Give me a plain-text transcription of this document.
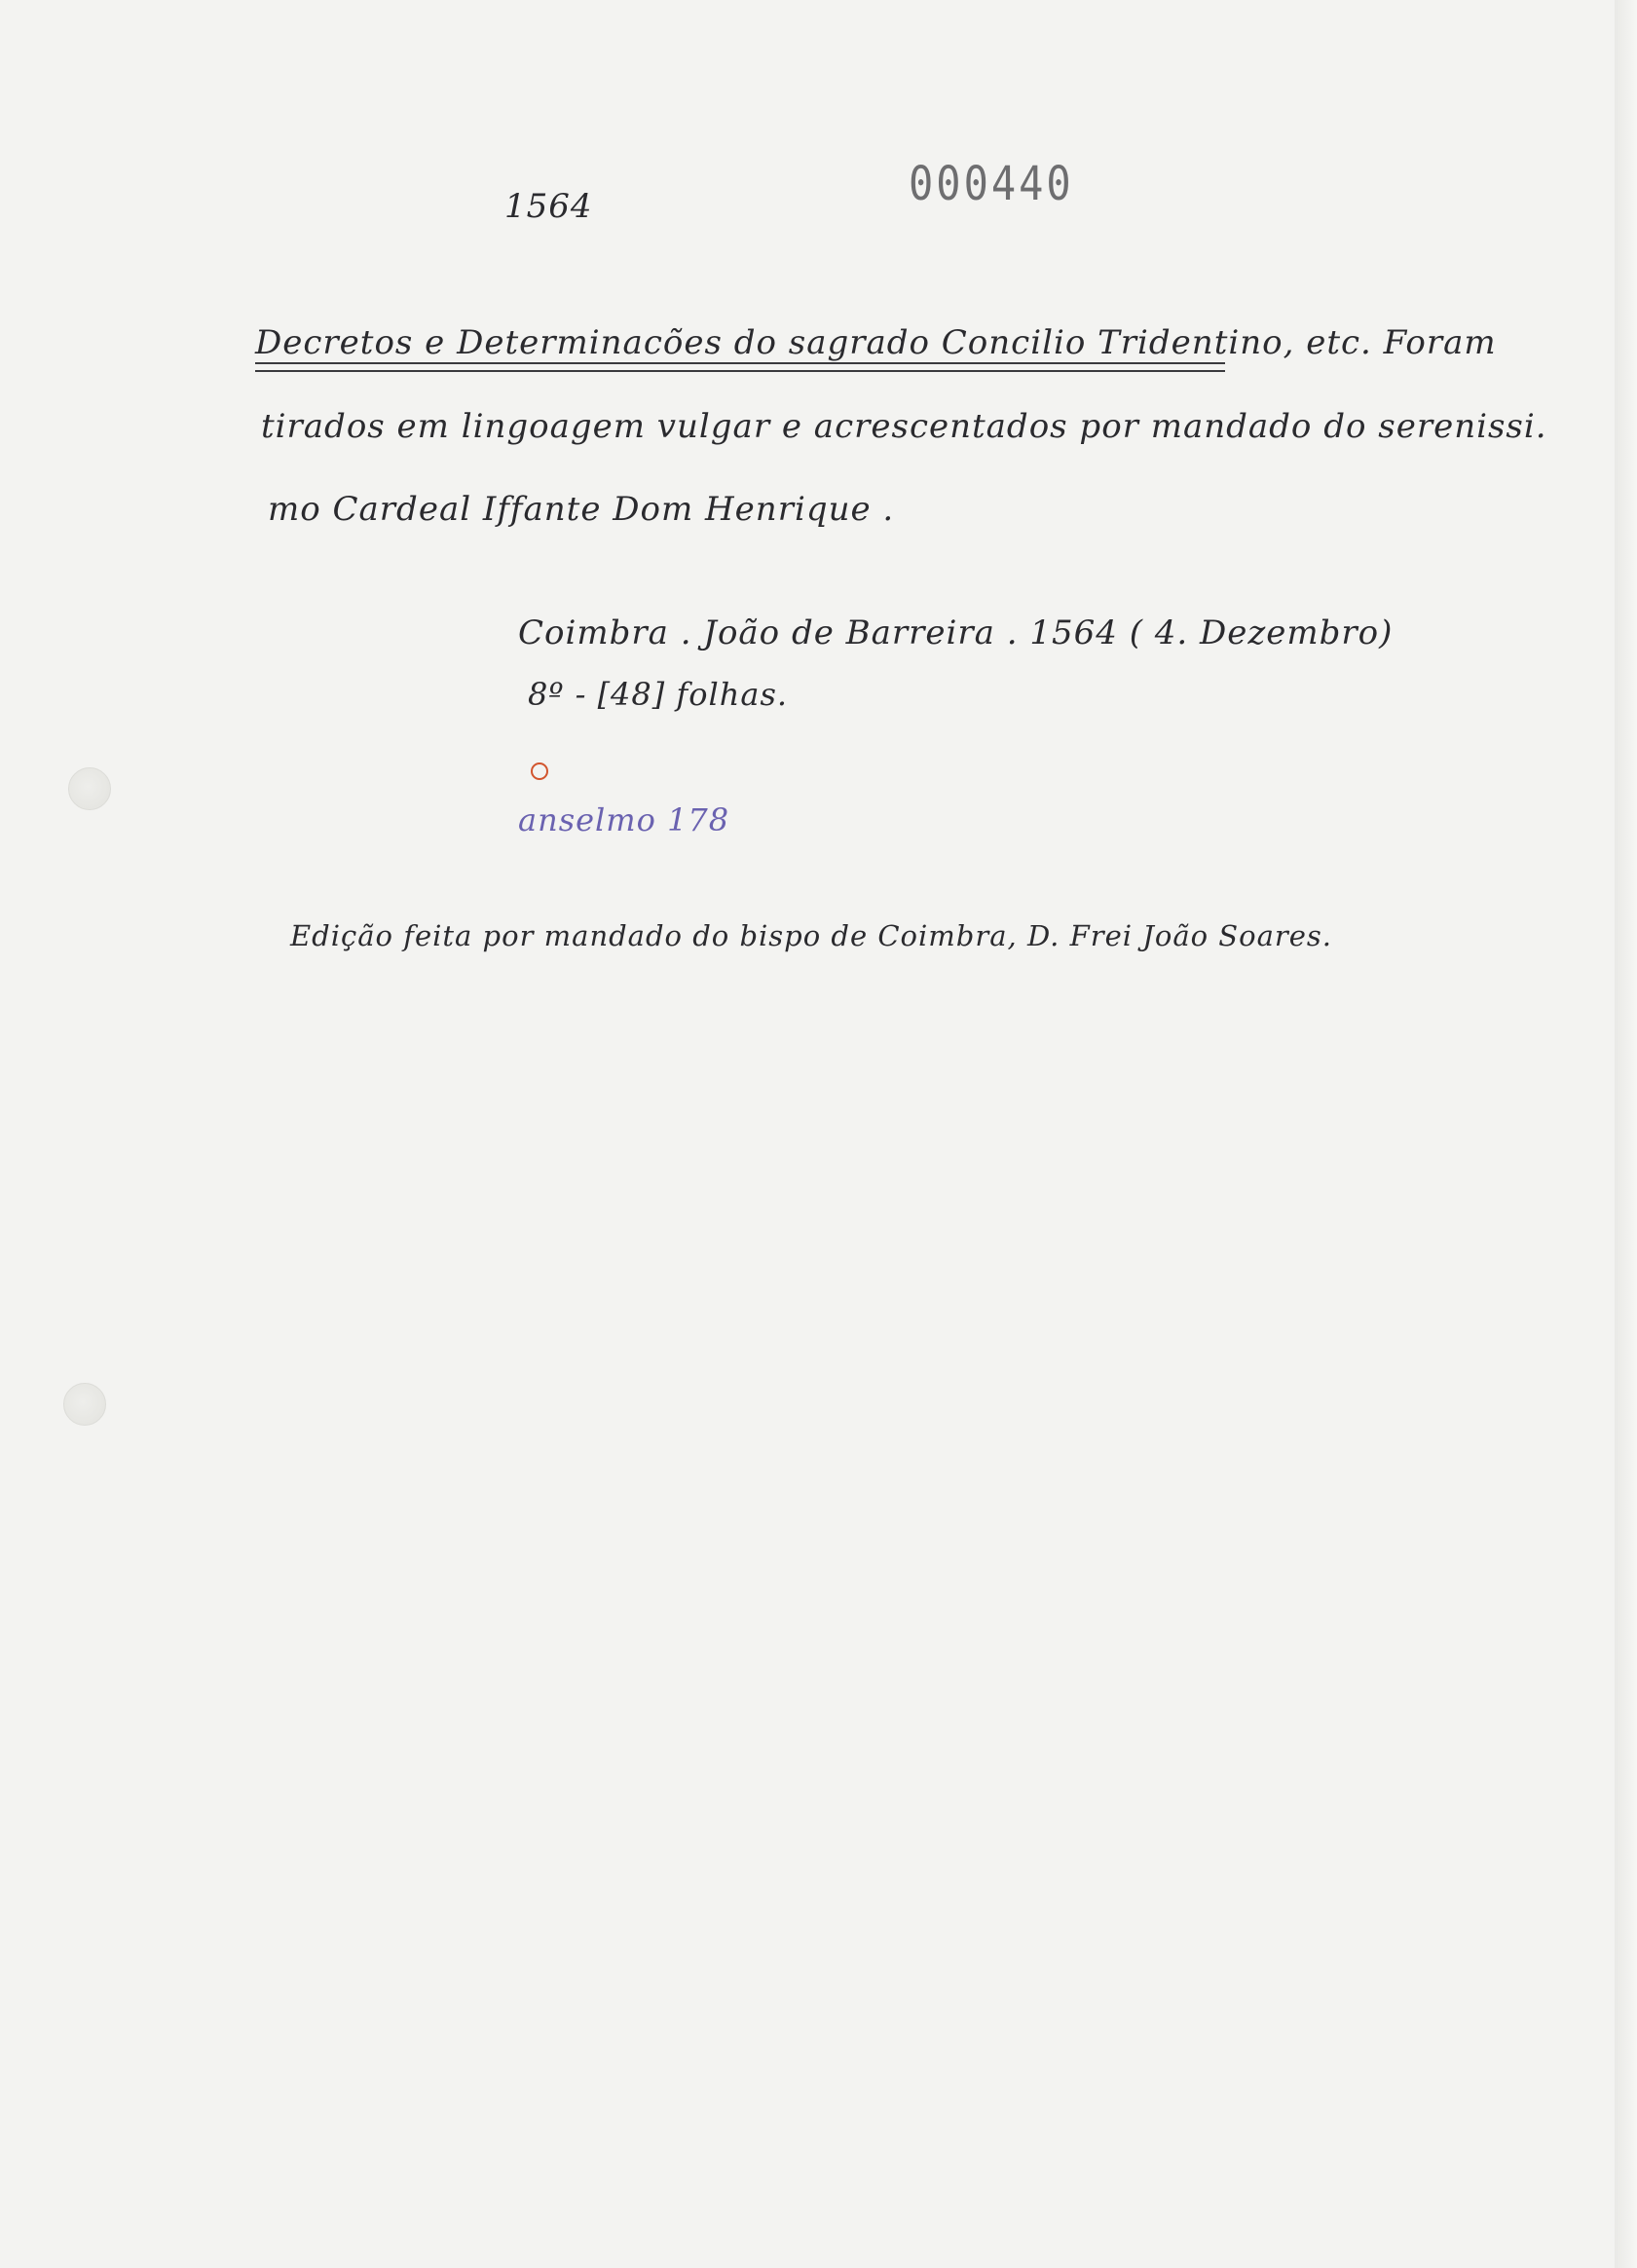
000440
1564
Decretos e Determinacões do sagrado Concilio Tridentino, etc. Foram
tirados em lingoagem vulgar e acrescentados por mandado do serenissi.
mo Cardeal Iffante Dom Henrique .
Coimbra . João de Barreira . 1564 ( 4. Dezembro)
8º - [48] folhas.
anselmo 178
Edição feita por mandado do bispo de Coimbra, D. Frei João Soares.
